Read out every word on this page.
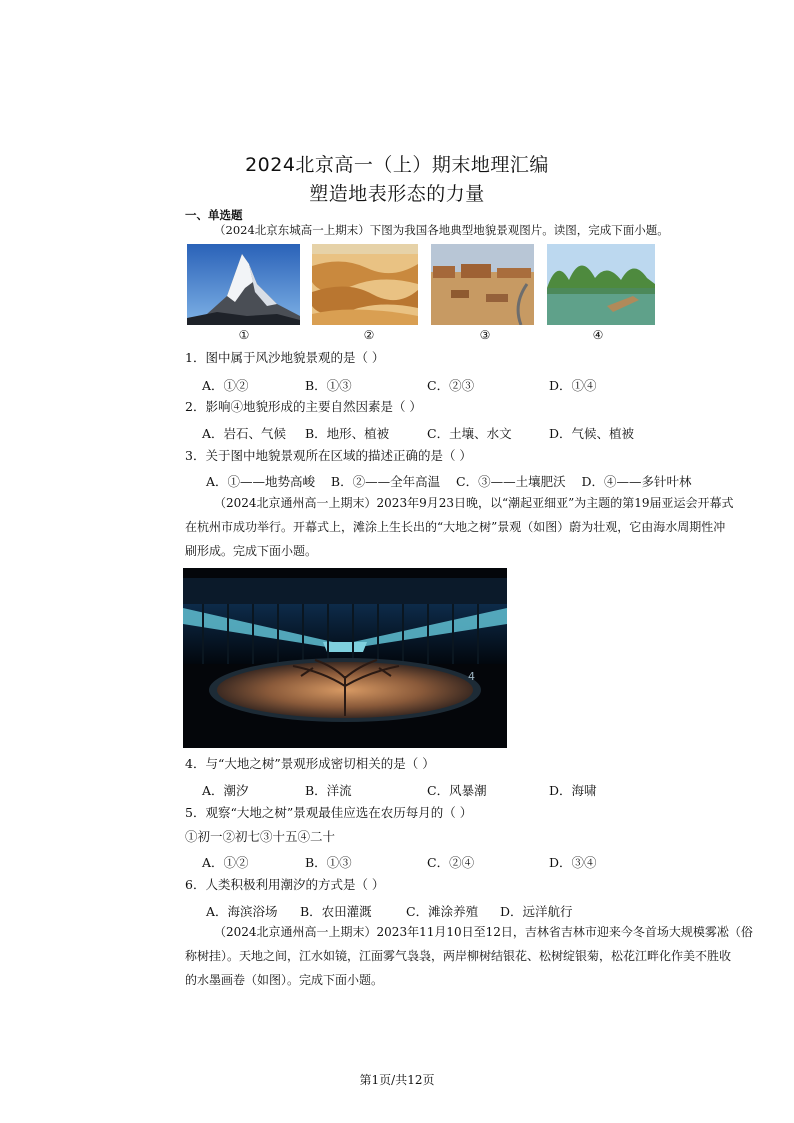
2024北京高一（上）期末地理汇编
塑造地表形态的力量
一、单选题
（2024北京东城高一上期末）下图为我国各地典型地貌景观图片。读图，完成下面小题。
①	②	③	④
1．图中属于风沙地貌景观的是（ ）
A．①②	B．①③	C．②③	D．①④
2．影响④地貌形成的主要自然因素是（ ）
A．岩石、气候 B．地形、植被	C．土壤、水文	D．气候、植被
3．关于图中地貌景观所在区域的描述正确的是（ ）
A．①——地势高峻    B．②——全年高温    C．③——土壤肥沃    D．④——多针叶林
（2024北京通州高一上期末）2023年9月23日晚，以“潮起亚细亚”为主题的第19届亚运会开幕式
在杭州市成功举行。开幕式上，滩涂上生长出的“大地之树”景观（如图）蔚为壮观，它由海水周期性冲
刷形成。完成下面小题。
4
4．与“大地之树”景观形成密切相关的是（ ）
A．潮汐	B．洋流	C．风暴潮	D．海啸
5．观察“大地之树”景观最佳应选在农历每月的（ ）
①初一②初七③十五④二十
A．①②	B．①③	C．②④	D．③④
6．人类积极利用潮汐的方式是（ ）
A．海滨浴场 B．农田灌溉	C．滩涂养殖 D．远洋航行
（2024北京通州高一上期末）2023年11月10日至12日，吉林省吉林市迎来今冬首场大规模雾凇（俗
称树挂）。天地之间，江水如镜，江面雾气袅袅，两岸柳树结银花、松树绽银菊，松花江畔化作美不胜收
的水墨画卷（如图）。完成下面小题。
第1页/共12页
